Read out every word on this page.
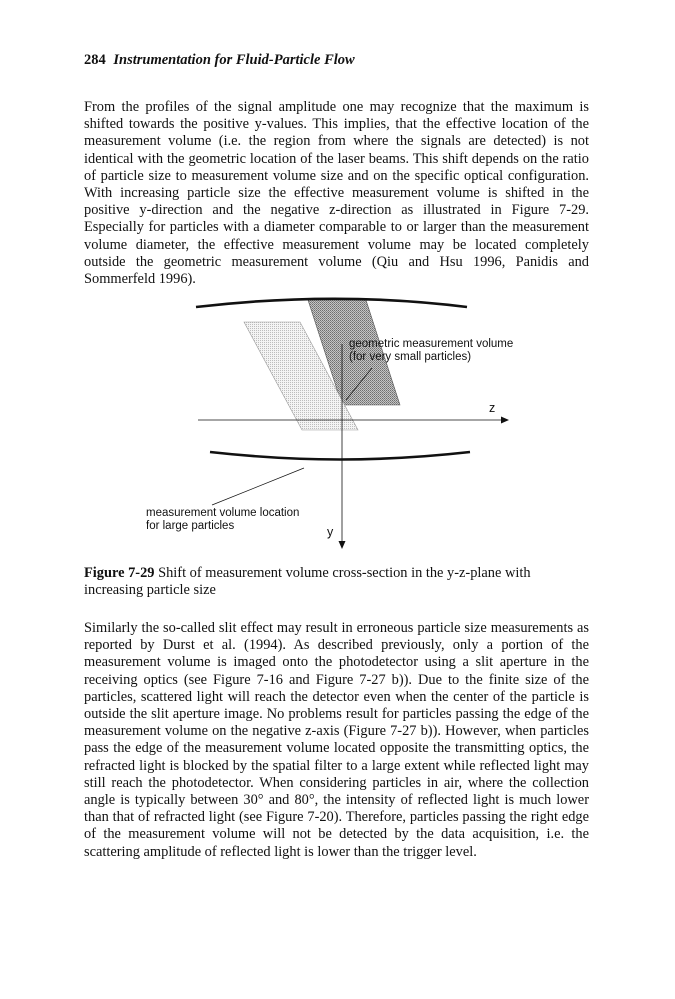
284 Instrumentation for Fluid-Particle Flow

From the profiles of the signal amplitude one may recognize that the maximum is shifted towards the positive y-values. This implies, that the effective location of the measurement volume (i.e. the region from where the signals are detected) is not identical with the geometric location of the laser beams. This shift depends on the ratio of particle size to measurement volume size and on the specific optical configuration. With increasing particle size the effective measurement volume is shifted in the positive y-direction and the negative z-direction as illustrated in Figure 7-29. Especially for particles with a diameter comparable to or larger than the measurement volume diameter, the effective measurement volume may be located completely outside the geometric measurement volume (Qiu and Hsu 1996, Panidis and Sommerfeld 1996).

z
y
geometric measurement volume
(for very small particles)
measurement volume location
for large particles

Figure 7-29 Shift of measurement volume cross-section in the y-z-plane with increasing particle size

Similarly the so-called slit effect may result in erroneous particle size measurements as reported by Durst et al. (1994). As described previously, only a portion of the measurement volume is imaged onto the photodetector using a slit aperture in the receiving optics (see Figure 7-16 and Figure 7-27 b)). Due to the finite size of the particles, scattered light will reach the detector even when the center of the particle is outside the slit aperture image. No problems result for particles passing the edge of the measurement volume on the negative z-axis (Figure 7-27 b)). However, when particles pass the edge of the measurement volume located opposite the transmitting optics, the refracted light is blocked by the spatial filter to a large extent while reflected light may still reach the photodetector. When considering particles in air, where the collection angle is typically between 30° and 80°, the intensity of reflected light is much lower than that of refracted light (see Figure 7-20). Therefore, particles passing the right edge of the measurement volume will not be detected by the data acquisition, i.e. the scattering amplitude of reflected light is lower than the trigger level.
